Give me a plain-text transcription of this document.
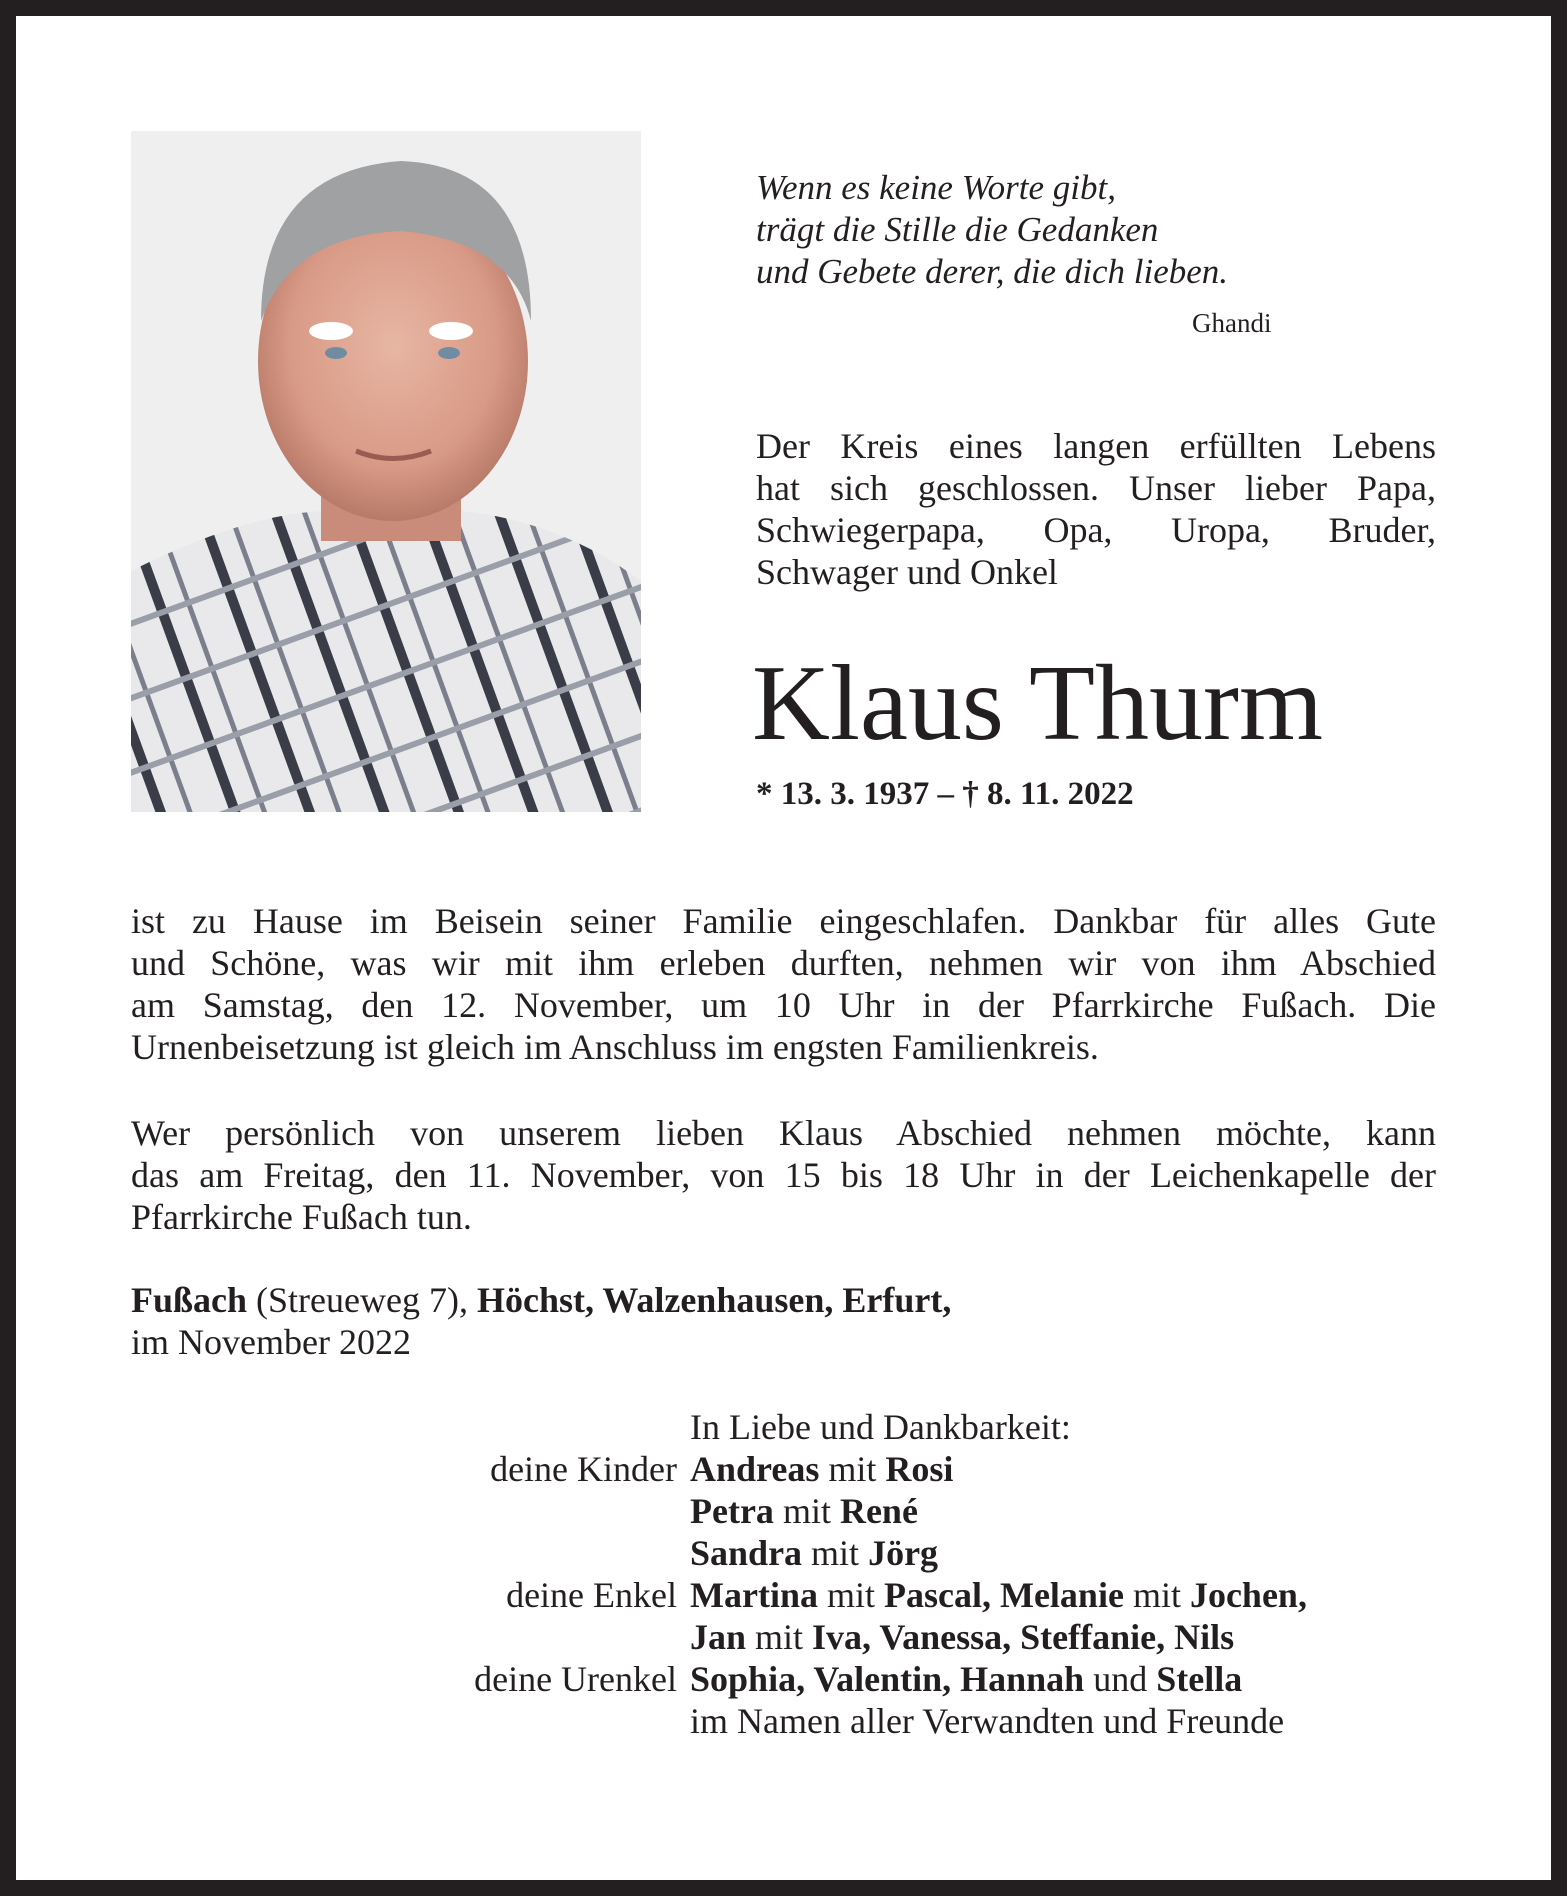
Wenn es keine Worte gibt,
trägt die Stille die Gedanken
und Gebete derer, die dich lieben.
Ghandi
Der Kreis eines langen erfüllten Lebens
hat sich geschlossen. Unser lieber Papa,
Schwiegerpapa, Opa, Uropa, Bruder,
Schwager und Onkel
Klaus Thurm
* 13. 3. 1937 – † 8. 11. 2022
ist zu Hause im Beisein seiner Familie eingeschlafen. Dankbar für alles Gute
und Schöne, was wir mit ihm erleben durften, nehmen wir von ihm Abschied
am Samstag, den 12. November, um 10 Uhr in der Pfarrkirche Fußach. Die
Urnenbeisetzung ist gleich im Anschluss im engsten Familienkreis.
Wer persönlich von unserem lieben Klaus Abschied nehmen möchte, kann
das am Freitag, den 11. November, von 15 bis 18 Uhr in der Leichenkapelle der
Pfarrkirche Fußach tun.
Fußach (Streueweg 7), Höchst, Walzenhausen, Erfurt,
im November 2022
In Liebe und Dankbarkeit:
deine Kinder Andreas mit Rosi
Petra mit René
Sandra mit Jörg
deine Enkel Martina mit Pascal, Melanie mit Jochen,
Jan mit Iva, Vanessa, Steffanie, Nils
deine Urenkel Sophia, Valentin, Hannah und Stella
im Namen aller Verwandten und Freunde
